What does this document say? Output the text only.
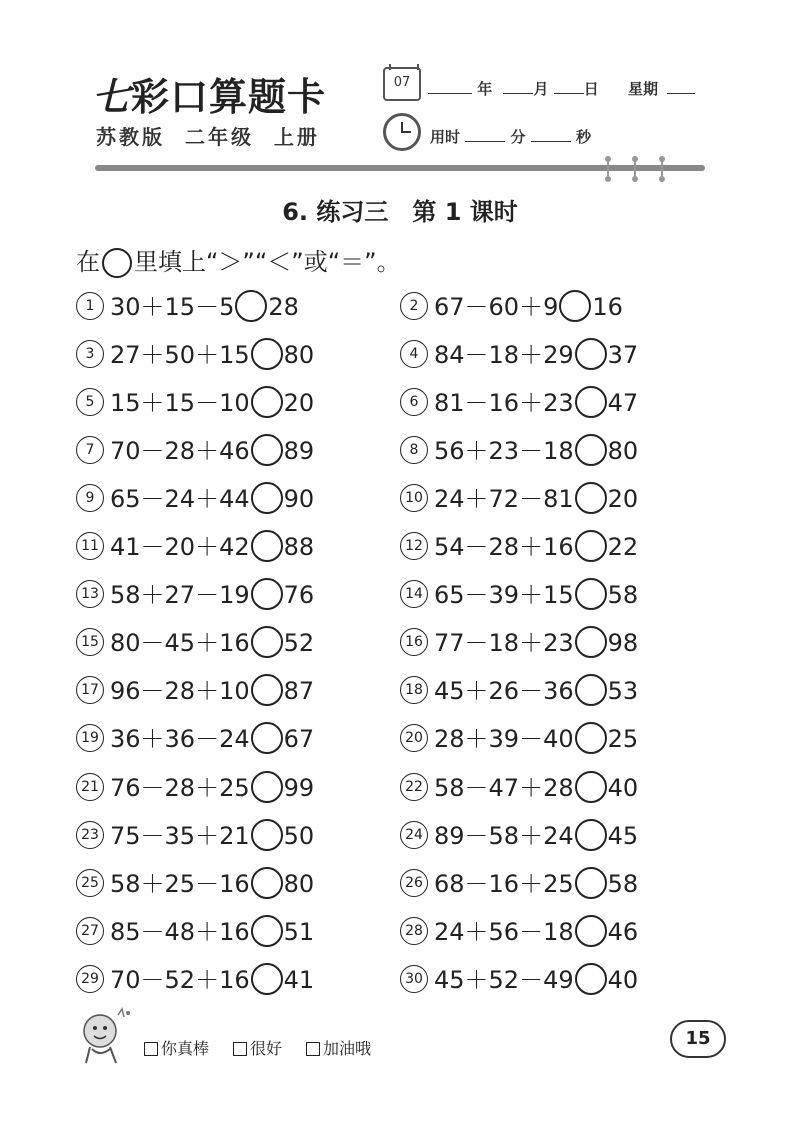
七彩口算题卡
苏教版 二年级 上册
07	年	月 日 星期
用时	分	秒
6. 练习三　第 1 课时
在 里填上“＞”“＜”或“＝”。
1 30＋15－5 28	2 67－60＋9 16
3 27＋50＋15 80	4 84－18＋29 37
5 15＋15－10 20	6 81－16＋23 47
7 70－28＋46 89	8 56＋23－18 80
9 65－24＋44 90	10 24＋72－81 20
11 41－20＋42 88	12 54－28＋16 22
13 58＋27－19 76	14 65－39＋15 58
15 80－45＋16 52	16 77－18＋23 98
17 96－28＋10 87	18 45＋26－36 53
19 36＋36－24 67	20 28＋39－40 25
21 76－28＋25 99	22 58－47＋28 40
23 75－35＋21 50	24 89－58＋24 45
25 58＋25－16 80	26 68－16＋25 58
27 85－48＋16 51	28 24＋56－18 46
29 70－52＋16 41	30 45＋52－49 40
你真棒	很好	加油哦	15
